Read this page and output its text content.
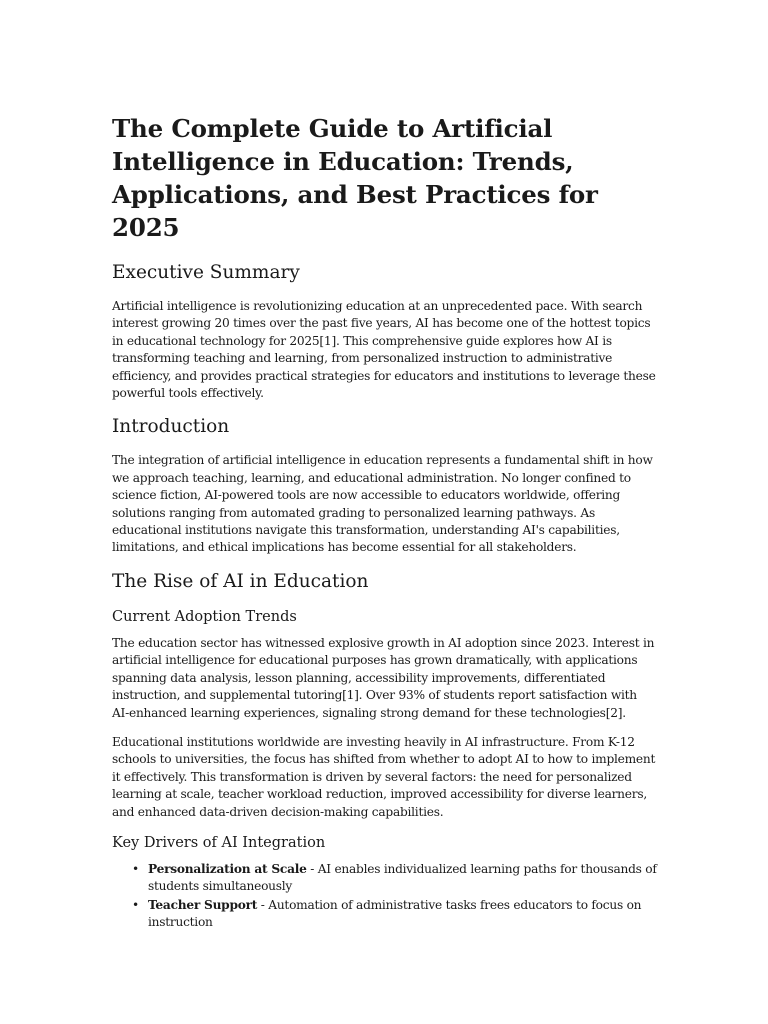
The Complete Guide to Artificial Intelligence in Education: Trends, Applications, and Best Practices for 2025
Executive Summary

Artificial intelligence is revolutionizing education at an unprecedented pace. With search interest growing 20 times over the past five years, AI has become one of the hottest topics in educational technology for 2025[1]. This comprehensive guide explores how AI is transforming teaching and learning, from personalized instruction to administrative efficiency, and provides practical strategies for educators and institutions to leverage these powerful tools effectively.

Introduction

The integration of artificial intelligence in education represents a fundamental shift in how we approach teaching, learning, and educational administration. No longer confined to science fiction, AI-powered tools are now accessible to educators worldwide, offering solutions ranging from automated grading to personalized learning pathways. As educational institutions navigate this transformation, understanding AI's capabilities, limitations, and ethical implications has become essential for all stakeholders.

The Rise of AI in Education
Current Adoption Trends

The education sector has witnessed explosive growth in AI adoption since 2023. Interest in artificial intelligence for educational purposes has grown dramatically, with applications spanning data analysis, lesson planning, accessibility improvements, differentiated instruction, and supplemental tutoring[1]. Over 93% of students report satisfaction with AI-enhanced learning experiences, signaling strong demand for these technologies[2].

Educational institutions worldwide are investing heavily in AI infrastructure. From K-12 schools to universities, the focus has shifted from whether to adopt AI to how to implement it effectively. This transformation is driven by several factors: the need for personalized learning at scale, teacher workload reduction, improved accessibility for diverse learners, and enhanced data-driven decision-making capabilities.

Key Drivers of AI Integration
• Personalization at Scale - AI enables individualized learning paths for thousands of students simultaneously
• Teacher Support - Automation of administrative tasks frees educators to focus on instruction
